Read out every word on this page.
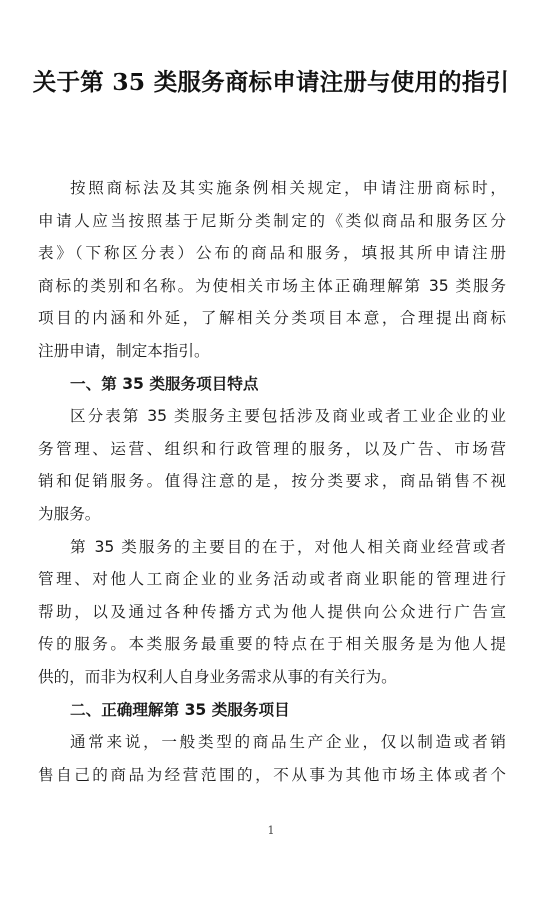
关于第 35 类服务商标申请注册与使用的指引
按照商标法及其实施条例相关规定，申请注册商标时，
申请人应当按照基于尼斯分类制定的《类似商品和服务区分
表》（下称区分表）公布的商品和服务，填报其所申请注册
商标的类别和名称。为使相关市场主体正确理解第 35 类服务
项目的内涵和外延，了解相关分类项目本意，合理提出商标
注册申请，制定本指引。
一、第 35 类服务项目特点
区分表第 35 类服务主要包括涉及商业或者工业企业的业
务管理、运营、组织和行政管理的服务，以及广告、市场营
销和促销服务。值得注意的是，按分类要求，商品销售不视
为服务。
第 35 类服务的主要目的在于，对他人相关商业经营或者
管理、对他人工商企业的业务活动或者商业职能的管理进行
帮助，以及通过各种传播方式为他人提供向公众进行广告宣
传的服务。本类服务最重要的特点在于相关服务是为他人提
供的，而非为权利人自身业务需求从事的有关行为。
二、正确理解第 35 类服务项目
通常来说，一般类型的商品生产企业，仅以制造或者销
售自己的商品为经营范围的，不从事为其他市场主体或者个
1
